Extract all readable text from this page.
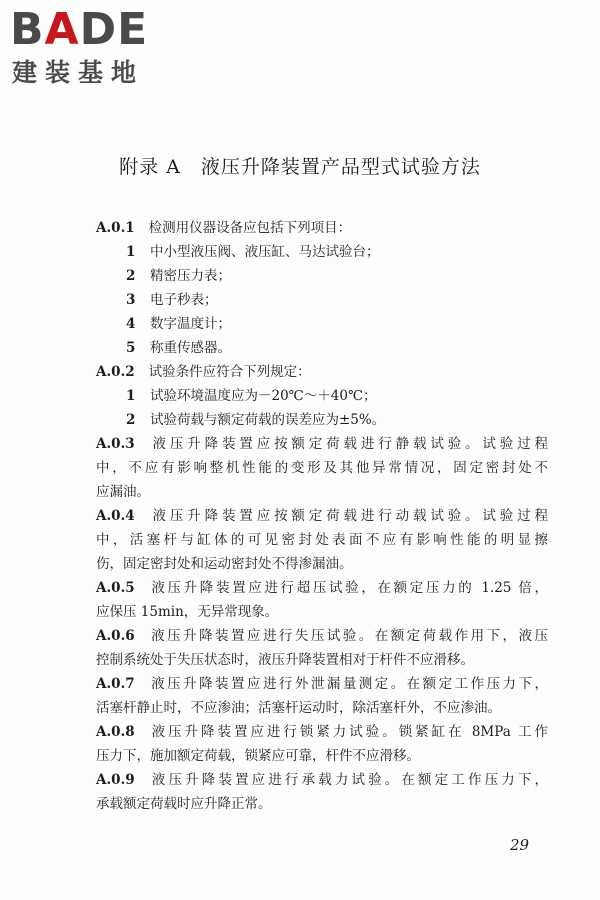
BADE
建装基地
附录 A　液压升降装置产品型式试验方法
A.0.1 检测用仪器设备应包括下列项目：
1 中小型液压阀、液压缸、马达试验台；
2 精密压力表；
3 电子秒表；
4 数字温度计；
5 称重传感器。
A.0.2 试验条件应符合下列规定：
1 试验环境温度应为－20℃～＋40℃；
2 试验荷载与额定荷载的误差应为±5%。
A.0.3 液压升降装置应按额定荷载进行静载试验。试验过程
中，不应有影响整机性能的变形及其他异常情况，固定密封处不
应漏油。
A.0.4 液压升降装置应按额定荷载进行动载试验。试验过程
中，活塞杆与缸体的可见密封处表面不应有影响性能的明显擦
伤，固定密封处和运动密封处不得渗漏油。
A.0.5 液压升降装置应进行超压试验，在额定压力的 1.25 倍，
应保压 15min，无异常现象。
A.0.6 液压升降装置应进行失压试验。在额定荷载作用下，液压
控制系统处于失压状态时，液压升降装置相对于杆件不应滑移。
A.0.7 液压升降装置应进行外泄漏量测定。在额定工作压力下，
活塞杆静止时，不应渗油；活塞杆运动时，除活塞杆外，不应渗油。
A.0.8 液压升降装置应进行锁紧力试验。锁紧缸在 8MPa 工作
压力下，施加额定荷载，锁紧应可靠，杆件不应滑移。
A.0.9 液压升降装置应进行承载力试验。在额定工作压力下，
承载额定荷载时应升降正常。
29
